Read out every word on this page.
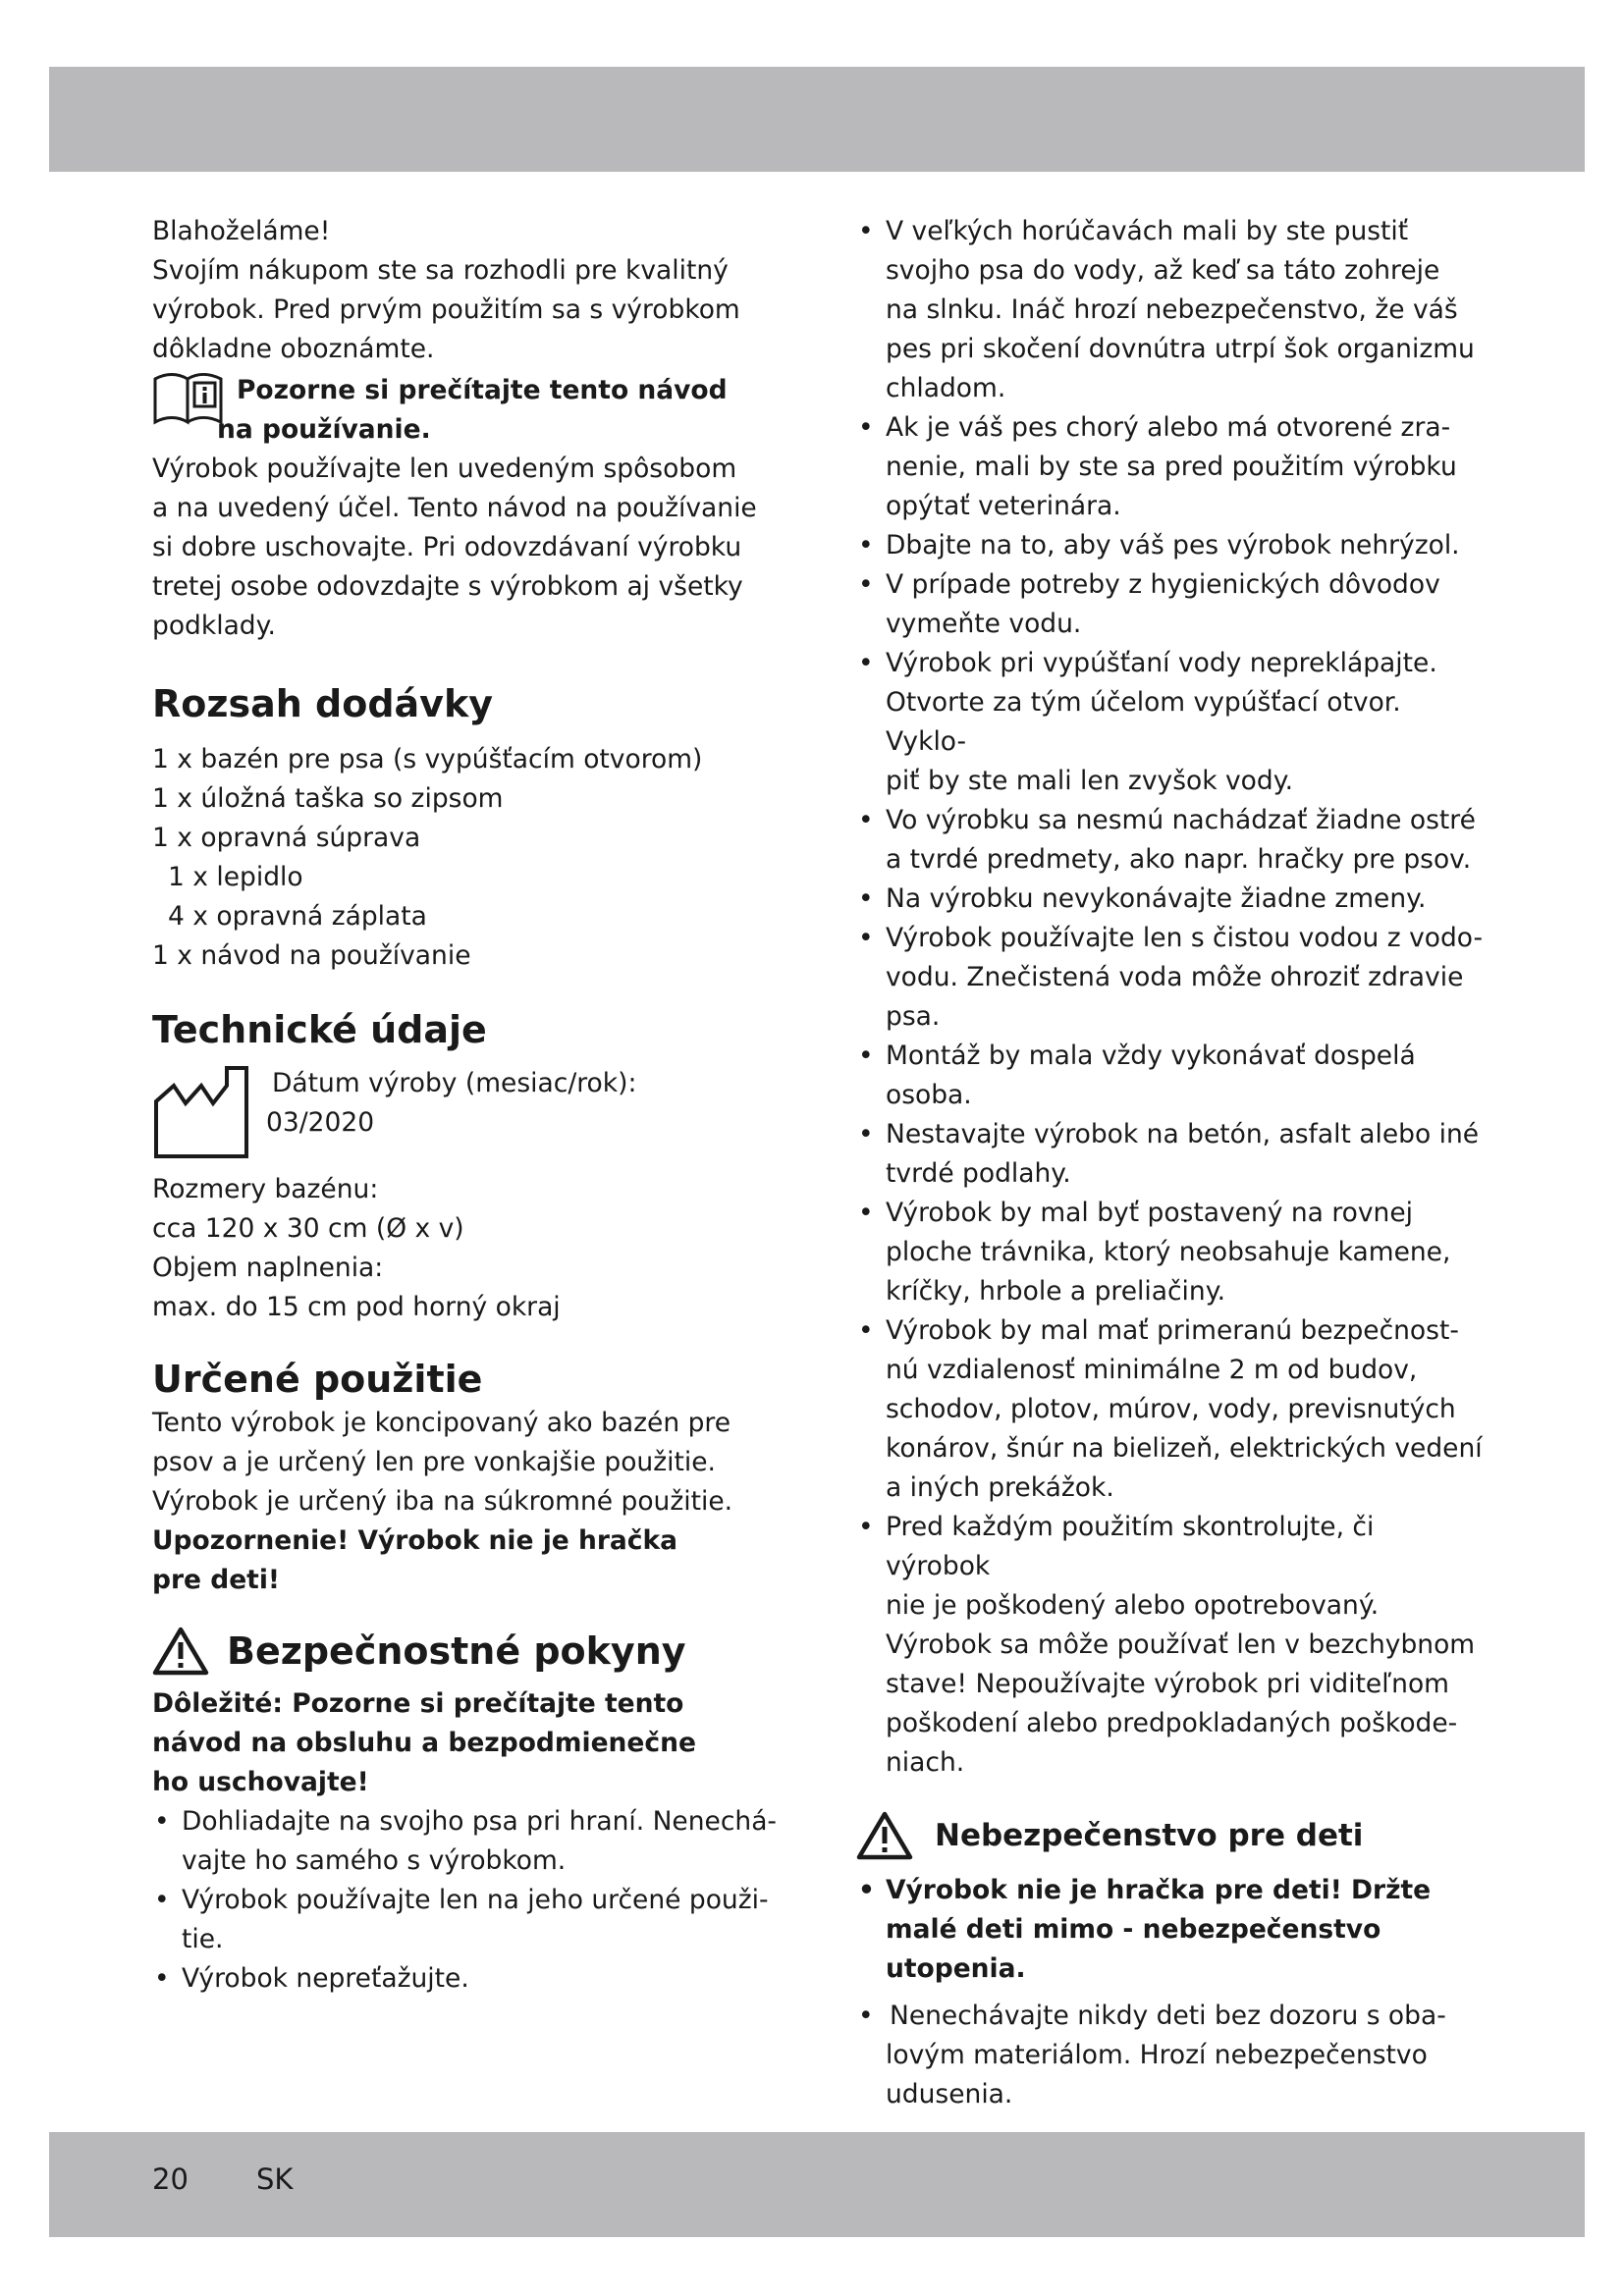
Blahoželáme!

Svojím nákupom ste sa rozhodli pre kvalitný

výrobok. Pred prvým použitím sa s výrobkom

dôkladne oboznámte.

Pozorne si prečítajte tento návod
na používanie.

Výrobok používajte len uvedeným spôsobom

a na uvedený účel. Tento návod na používanie

si dobre uschovajte. Pri odovzdávaní výrobku

tretej osobe odovzdajte s výrobkom aj všetky

podklady.

Rozsah dodávky
1 x bazén pre psa (s vypúšťacím otvorom)
1 x úložná taška so zipsom
1 x opravná súprava
1 x lepidlo
4 x opravná záplata
1 x návod na používanie
Technické údaje
Dátum výroby (mesiac/rok):
03/2020

Rozmery bazénu:

cca 120 x 30 cm (Ø x v)

Objem naplnenia:

max. do 15 cm pod horný okraj

Určené použitie

Tento výrobok je koncipovaný ako bazén pre

psov a je určený len pre vonkajšie použitie.

Výrobok je určený iba na súkromné použitie.

Upozornenie! Výrobok nie je hračka

pre deti!

Bezpečnostné pokyny

Dôležité: Pozorne si prečítajte tento

návod na obsluhu a bezpodmienečne

ho uschovajte!

• Dohliadajte na svojho psa pri hraní. Nenechá-
vajte ho samého s výrobkom.
• Výrobok používajte len na jeho určené použi-
tie.
• Výrobok nepreťažujte.
• V veľkých horúčavách mali by ste pustiť
svojho psa do vody, až keď sa táto zohreje
na slnku. Ináč hrozí nebezpečenstvo, že váš
pes pri skočení dovnútra utrpí šok organizmu
chladom.
• Ak je váš pes chorý alebo má otvorené zra-
nenie, mali by ste sa pred použitím výrobku
opýtať veterinára.
• Dbajte na to, aby váš pes výrobok nehrýzol.
• V prípade potreby z hygienických dôvodov
vymeňte vodu.
• Výrobok pri vypúšťaní vody nepreklápajte.
Otvorte za tým účelom vypúšťací otvor. Vyklo-
piť by ste mali len zvyšok vody.
• Vo výrobku sa nesmú nachádzať žiadne ostré
a tvrdé predmety, ako napr. hračky pre psov.
• Na výrobku nevykonávajte žiadne zmeny.
• Výrobok používajte len s čistou vodou z vodo-
vodu. Znečistená voda môže ohroziť zdravie
psa.
• Montáž by mala vždy vykonávať dospelá
osoba.
• Nestavajte výrobok na betón, asfalt alebo iné
tvrdé podlahy.
• Výrobok by mal byť postavený na rovnej
ploche trávnika, ktorý neobsahuje kamene,
kríčky, hrbole a preliačiny.
• Výrobok by mal mať primeranú bezpečnost-
nú vzdialenosť minimálne 2 m od budov,
schodov, plotov, múrov, vody, previsnutých
konárov, šnúr na bielizeň, elektrických vedení
a iných prekážok.
• Pred každým použitím skontrolujte, či výrobok
nie je poškodený alebo opotrebovaný.
Výrobok sa môže používať len v bezchybnom
stave! Nepoužívajte výrobok pri viditeľnom
poškodení alebo predpokladaných poškode-
niach.
Nebezpečenstvo pre deti
• Výrobok nie je hračka pre deti! Držte
malé deti mimo - nebezpečenstvo
utopenia.
• Nenechávajte nikdy deti bez dozoru s oba-
lovým materiálom. Hrozí nebezpečenstvo
udusenia.
20 SK
